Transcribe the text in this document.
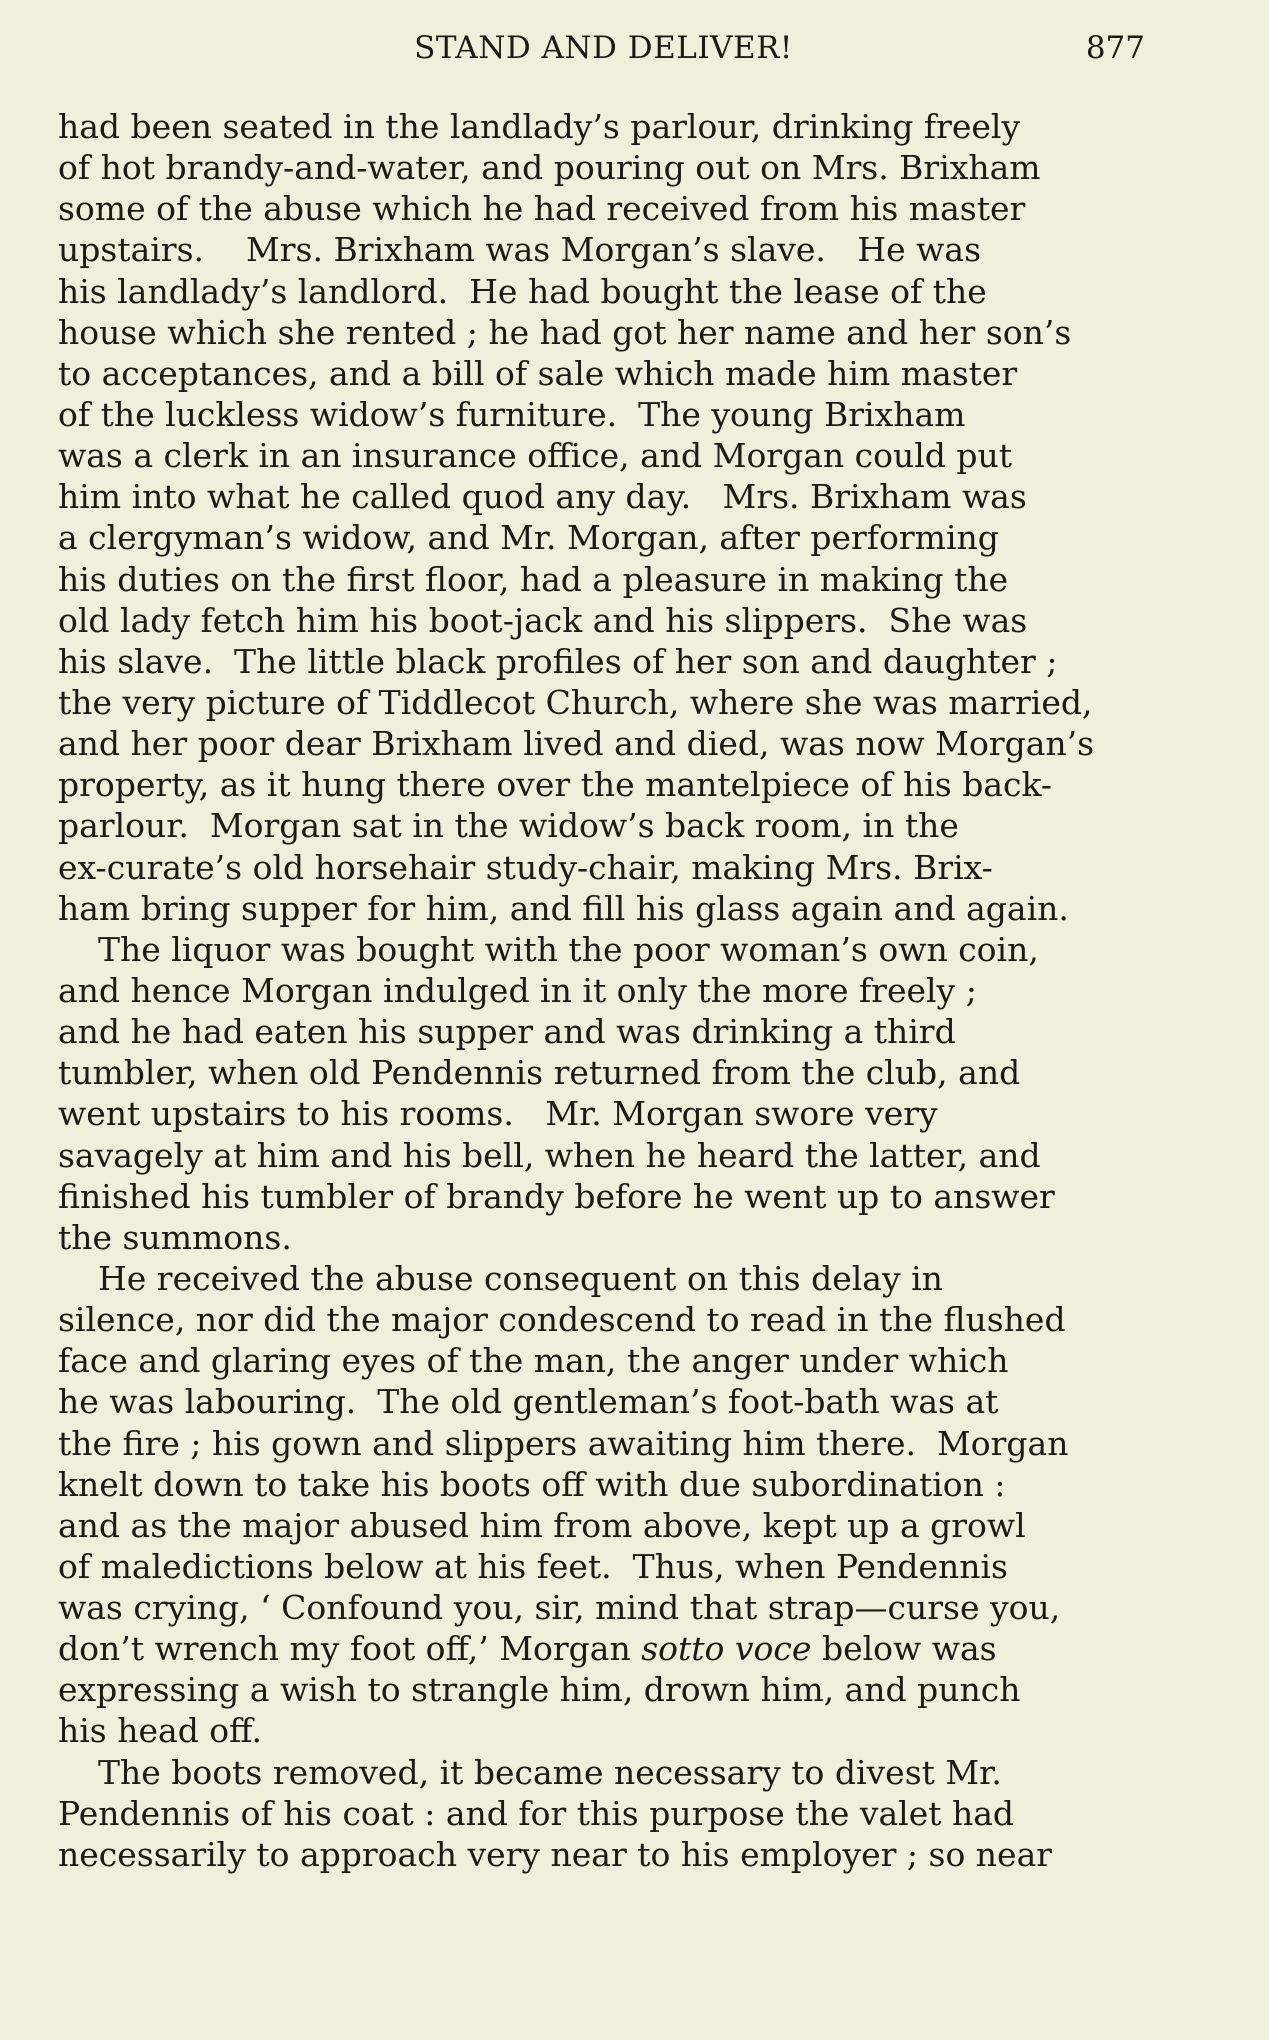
STAND AND DELIVER!	877
had been seated in the landlady’s parlour, drinking freely
of hot brandy-and-water, and pouring out on Mrs. Brixham
some of the abuse which he had received from his master
upstairs.    Mrs. Brixham was Morgan’s slave.   He was
his landlady’s landlord.  He had bought the lease of the
house which she rented ; he had got her name and her son’s
to acceptances, and a bill of sale which made him master
of the luckless widow’s furniture.  The young Brixham
was a clerk in an insurance office, and Morgan could put
him into what he called quod any day.   Mrs. Brixham was
a clergyman’s widow, and Mr. Morgan, after performing
his duties on the first floor, had a pleasure in making the
old lady fetch him his boot-jack and his slippers.  She was
his slave.  The little black profiles of her son and daughter ;
the very picture of Tiddlecot Church, where she was married,
and her poor dear Brixham lived and died, was now Morgan’s
property, as it hung there over the mantelpiece of his back-
parlour.  Morgan sat in the widow’s back room, in the
ex-curate’s old horsehair study-chair, making Mrs. Brix-
ham bring supper for him, and fill his glass again and again.
The liquor was bought with the poor woman’s own coin,
and hence Morgan indulged in it only the more freely ;
and he had eaten his supper and was drinking a third
tumbler, when old Pendennis returned from the club, and
went upstairs to his rooms.   Mr. Morgan swore very
savagely at him and his bell, when he heard the latter, and
finished his tumbler of brandy before he went up to answer
the summons.
He received the abuse consequent on this delay in
silence, nor did the major condescend to read in the flushed
face and glaring eyes of the man, the anger under which
he was labouring.  The old gentleman’s foot-bath was at
the fire ; his gown and slippers awaiting him there.  Morgan
knelt down to take his boots off with due subordination :
and as the major abused him from above, kept up a growl
of maledictions below at his feet.  Thus, when Pendennis
was crying, ‘ Confound you, sir, mind that strap—curse you,
don’t wrench my foot off,’ Morgan sotto voce below was
expressing a wish to strangle him, drown him, and punch
his head off.
The boots removed, it became necessary to divest Mr.
Pendennis of his coat : and for this purpose the valet had
necessarily to approach very near to his employer ; so near
